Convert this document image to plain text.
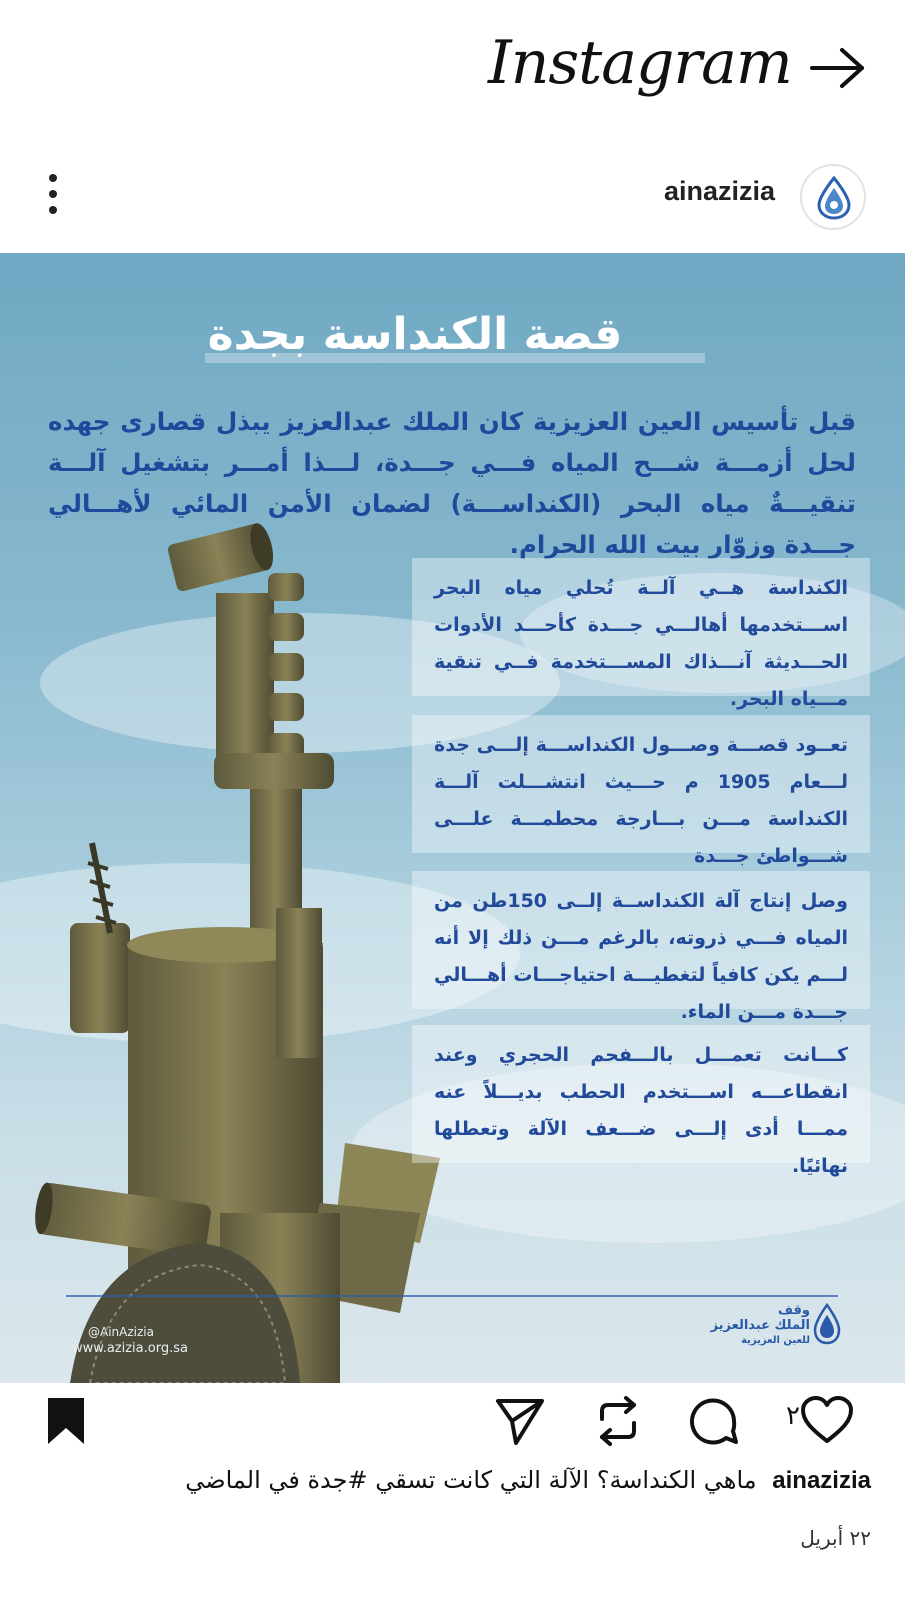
Instagram
ainazizia
قصة الكنداسة بجدة
قبل تأسيس العين العزيزية كان الملك عبدالعزيز يبذل قصارى جهده لحل أزمـــة شـــح المياه فـــي جـــدة، لـــذا أمـــر بتشغيل آلـــة تنقيـــةٌ مياه البحر (الكنداســـة) لضمان الأمن المائي لأهـــالي جـــدة وزوّار بيت الله الحرام.
الكنداسة هــي آلــة تُحلي مياه البحر اســـتخدمها أهالـــي جـــدة كأحـــد الأدوات الحـــديثة آنـــذاك المســـتخدمة فــي تنقية مـــياه البحر.
تعــود قصـــة وصـــول الكنداســـة إلـــى جدة لـــعام 1905 م حـــيث انتشـــلت آلـــة الكنداسة مـــن بـــارجة محطمـــة علـــى شـــواطئ جـــدة
وصل إنتاج آلة الكنداســة إلــى 150طن من المياه فـــي ذروته، بالرغم مـــن ذلك إلا أنه لـــم يكن كافياً لتغطيـــة احتياجـــات أهـــالي جـــدة مـــن الماء.
كـــانت تعمـــل بالـــفحم الحجري وعند انقطاعـــه اســـتخدم الحطب بديـــلاً عنه ممـــا أدى إلـــى ضـــعف الآلة وتعطلها نهائيًا.
@AinAzizia
www.azizia.org.sa
وقف
الملك عبدالعزيز
للعين العزيزية
٢
ainazizia ماهي الكنداسة؟ الآلة التي كانت تسقي #جدة في الماضي
٢٢ أبريل
